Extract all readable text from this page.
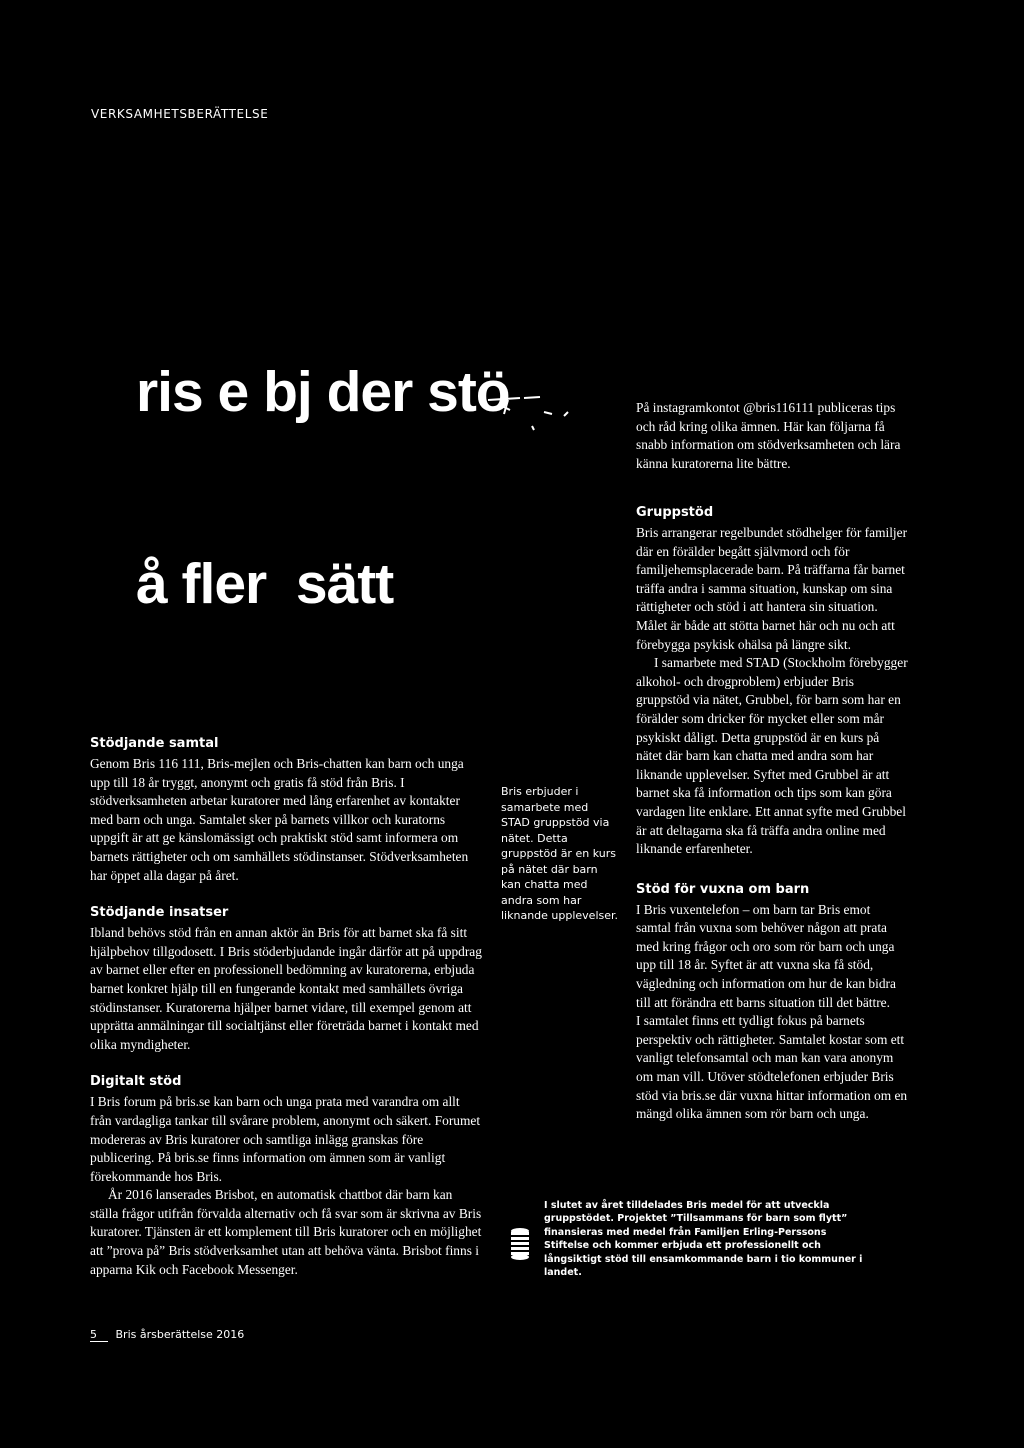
VERKSAMHETSBERÄTTELSE

ris e bj der stö

å fler  sätt

På instagramkontot @bris116111 publiceras tips och råd kring olika ämnen. Här kan följarna få snabb information om stödverksamheten och lära känna kuratorerna lite bättre.

Gruppstöd

Bris arrangerar regelbundet stödhelger för familjer där en förälder begått självmord och för familjehemsplacerade barn. På träffarna får barnet träffa andra i samma situation, kunskap om sina rättigheter och stöd i att hantera sin situation. Målet är både att stötta barnet här och nu och att förebygga psykisk ohälsa på längre sikt.

I samarbete med STAD (Stockholm förebygger alkohol- och drogproblem) erbjuder Bris gruppstöd via nätet, Grubbel, för barn som har en förälder som dricker för mycket eller som mår psykiskt dåligt. Detta gruppstöd är en kurs på nätet där barn kan chatta med andra som har liknande upplevelser. Syftet med Grubbel är att barnet ska få information och tips som kan göra vardagen lite enklare. Ett annat syfte med Grubbel är att deltagarna ska få träffa andra online med liknande erfarenheter.

Stöd för vuxna om barn

I Bris vuxentelefon – om barn tar Bris emot samtal från vuxna som behöver någon att prata med kring frågor och oro som rör barn och unga upp till 18 år. Syftet är att vuxna ska få stöd, vägledning och information om hur de kan bidra till att förändra ett barns situation till det bättre.

I samtalet finns ett tydligt fokus på barnets perspektiv och rättigheter. Samtalet kostar som ett vanligt telefonsamtal och man kan vara anonym om man vill. Utöver stödtelefonen erbjuder Bris stöd via bris.se där vuxna hittar information om en mängd olika ämnen som rör barn och unga.

Stödjande samtal

Genom Bris 116 111, Bris-mejlen och Bris-chatten kan barn och unga upp till 18 år tryggt, anonymt och gratis få stöd från Bris. I stödverksamheten arbetar kuratorer med lång erfarenhet av kontakter med barn och unga. Samtalet sker på barnets villkor och kuratorns uppgift är att ge känslomässigt och praktiskt stöd samt informera om barnets rättigheter och om samhällets stödinstanser. Stödverksamheten har öppet alla dagar på året.

Stödjande insatser

Ibland behövs stöd från en annan aktör än Bris för att barnet ska få sitt hjälpbehov tillgodosett. I Bris stöderbjudande ingår därför att på uppdrag av barnet eller efter en professionell bedömning av kuratorerna, erbjuda barnet konkret hjälp till en fungerande kontakt med samhällets övriga stödinstanser. Kuratorerna hjälper barnet vidare, till exempel genom att upprätta anmälningar till socialtjänst eller företräda barnet i kontakt med olika myndigheter.

Digitalt stöd

I Bris forum på bris.se kan barn och unga prata med varandra om allt från vardagliga tankar till svårare problem, anonymt och säkert. Forumet modereras av Bris kuratorer och samtliga inlägg granskas före publicering. På bris.se finns information om ämnen som är vanligt förekommande hos Bris.

År 2016 lanserades Brisbot, en automatisk chattbot där barn kan ställa frågor utifrån förvalda alternativ och få svar som är skrivna av Bris kuratorer. Tjänsten är ett komplement till Bris kuratorer och en möjlighet att ”prova på” Bris stödverksamhet utan att behöva vänta. Brisbot finns i apparna Kik och Facebook Messenger.

Bris erbjuder i samarbete med STAD gruppstöd via nätet. Detta gruppstöd är en kurs på nätet där barn kan chatta med andra som har liknande upplevelser.
I slutet av året tilldelades Bris medel för att utveckla gruppstödet. Projektet ”Tillsammans för barn som flytt” finansieras med medel från Familjen Erling-Perssons Stiftelse och kommer erbjuda ett professionellt och långsiktigt stöd till ensamkommande barn i tio kommuner i landet.
5 Bris årsberättelse 2016
